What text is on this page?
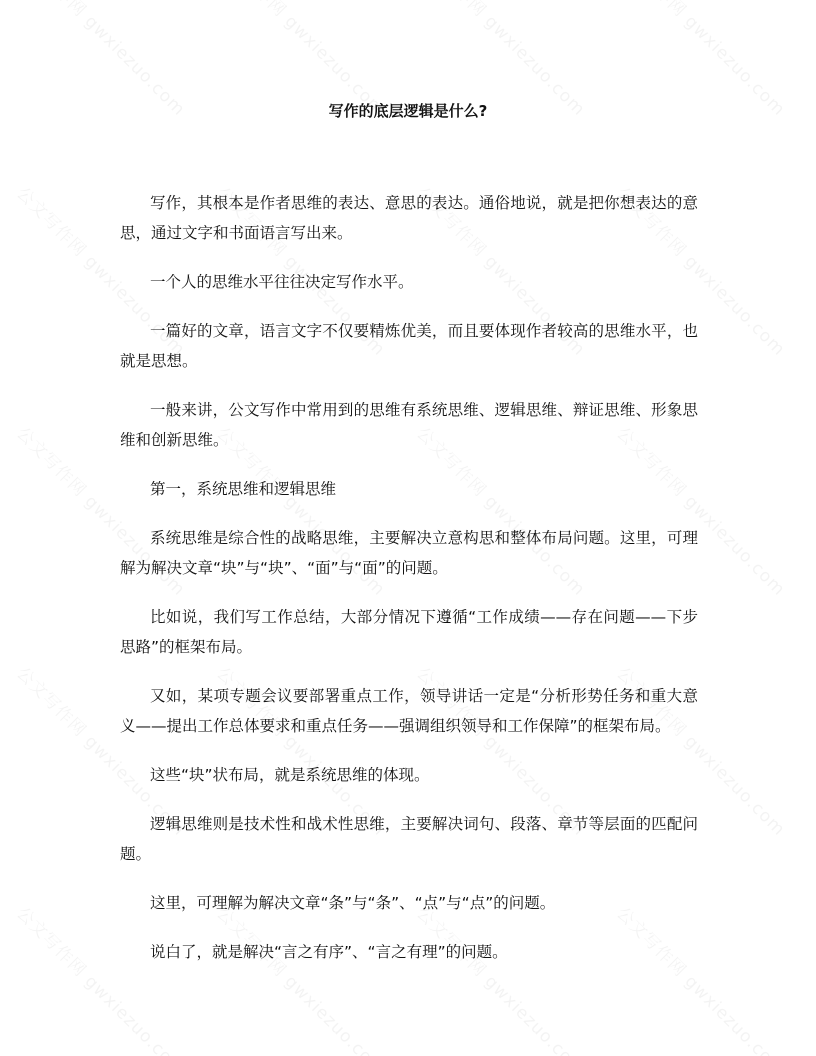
写作的底层逻辑是什么?

写作，其根本是作者思维的表达、意思的表达。通俗地说，就是把你想表达的意思，通过文字和书面语言写出来。

一个人的思维水平往往决定写作水平。

一篇好的文章，语言文字不仅要精炼优美，而且要体现作者较高的思维水平，也就是思想。

一般来讲，公文写作中常用到的思维有系统思维、逻辑思维、辩证思维、形象思维和创新思维。

第一，系统思维和逻辑思维

系统思维是综合性的战略思维，主要解决立意构思和整体布局问题。这里，可理解为解决文章“块”与“块”、“面”与“面”的问题。

比如说，我们写工作总结，大部分情况下遵循“工作成绩——存在问题——下步思路”的框架布局。

又如，某项专题会议要部署重点工作，领导讲话一定是“分析形势任务和重大意义——提出工作总体要求和重点任务——强调组织领导和工作保障”的框架布局。

这些“块”状布局，就是系统思维的体现。

逻辑思维则是技术性和战术性思维，主要解决词句、段落、章节等层面的匹配问题。

这里，可理解为解决文章“条”与“条”、“点”与“点”的问题。

说白了，就是解决“言之有序”、“言之有理”的问题。
